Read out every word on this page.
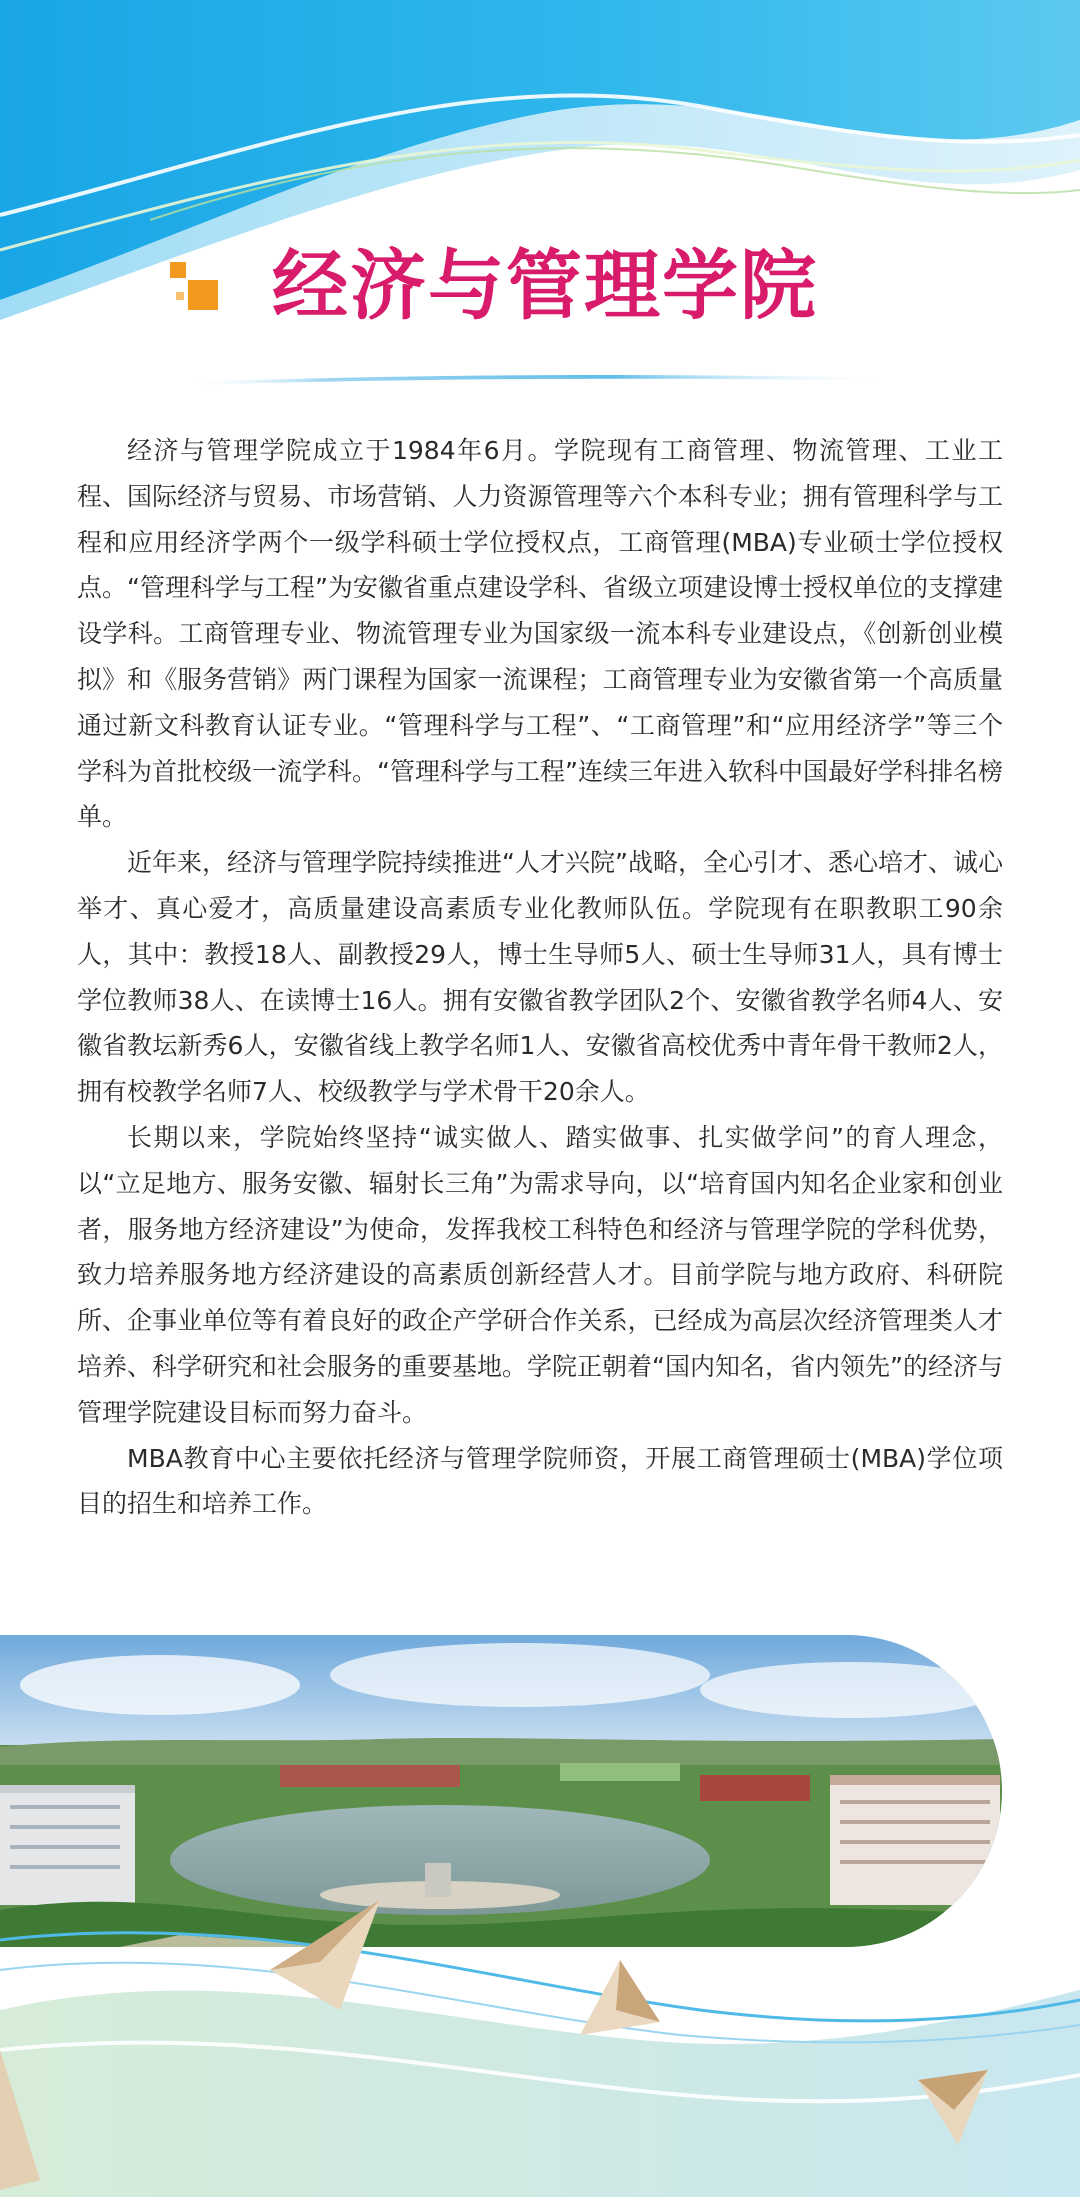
经济与管理学院

经济与管理学院成立于1984年6月。学院现有工商管理、物流管理、工业工程、国际经济与贸易、市场营销、人力资源管理等六个本科专业；拥有管理科学与工程和应用经济学两个一级学科硕士学位授权点，工商管理(MBA)专业硕士学位授权点。“管理科学与工程”为安徽省重点建设学科、省级立项建设博士授权单位的支撑建设学科。工商管理专业、物流管理专业为国家级一流本科专业建设点，《创新创业模拟》和《服务营销》两门课程为国家一流课程；工商管理专业为安徽省第一个高质量通过新文科教育认证专业。“管理科学与工程”、“工商管理”和“应用经济学”等三个学科为首批校级一流学科。“管理科学与工程”连续三年进入软科中国最好学科排名榜单。

近年来，经济与管理学院持续推进“人才兴院”战略，全心引才、悉心培才、诚心举才、真心爱才，高质量建设高素质专业化教师队伍。学院现有在职教职工90余人，其中：教授18人、副教授29人，博士生导师5人、硕士生导师31人，具有博士学位教师38人、在读博士16人。拥有安徽省教学团队2个、安徽省教学名师4人、安徽省教坛新秀6人，安徽省线上教学名师1人、安徽省高校优秀中青年骨干教师2人，拥有校教学名师7人、校级教学与学术骨干20余人。

长期以来，学院始终坚持“诚实做人、踏实做事、扎实做学问”的育人理念，以“立足地方、服务安徽、辐射长三角”为需求导向，以“培育国内知名企业家和创业者，服务地方经济建设”为使命，发挥我校工科特色和经济与管理学院的学科优势，致力培养服务地方经济建设的高素质创新经营人才。目前学院与地方政府、科研院所、企事业单位等有着良好的政企产学研合作关系，已经成为高层次经济管理类人才培养、科学研究和社会服务的重要基地。学院正朝着“国内知名，省内领先”的经济与管理学院建设目标而努力奋斗。

MBA教育中心主要依托经济与管理学院师资，开展工商管理硕士(MBA)学位项目的招生和培养工作。
